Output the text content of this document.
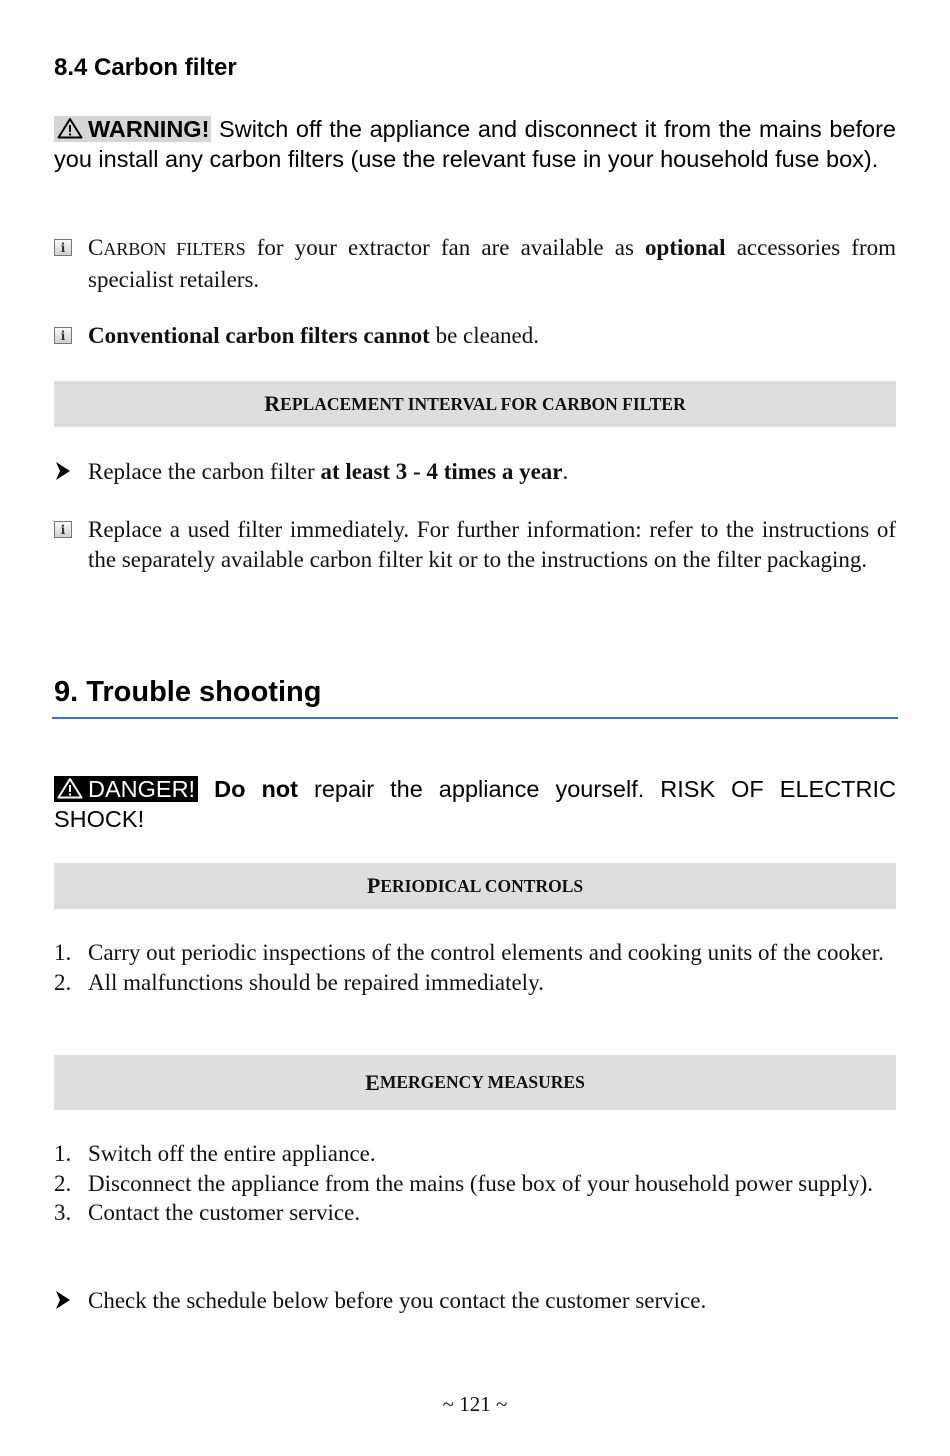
8.4 Carbon filter

WARNING! Switch off the appliance and disconnect it from the mains before you install any carbon filters (use the relevant fuse in your household fuse box).

i CARBON FILTERS for your extractor fan are available as optional accessories from specialist retailers.

i Conventional carbon filters cannot be cleaned.

R EPLACEMENT INTERVAL FOR CARBON FILTER

Replace the carbon filter at least 3 - 4 times a year.

i Replace a used filter immediately. For further information: refer to the instructions of the separately available carbon filter kit or to the instructions on the filter packaging.

9. Trouble shooting

DANGER! Do not repair the appliance yourself. RISK OF ELECTRIC SHOCK!

P ERIODICAL CONTROLS
1. Carry out periodic inspections of the control elements and cooking units of the cooker.
2. All malfunctions should be repaired immediately.
E MERGENCY MEASURES
1. Switch off the entire appliance.
2. Disconnect the appliance from the mains (fuse box of your household power supply).
3. Contact the customer service.

Check the schedule below before you contact the customer service.

~ 121 ~
